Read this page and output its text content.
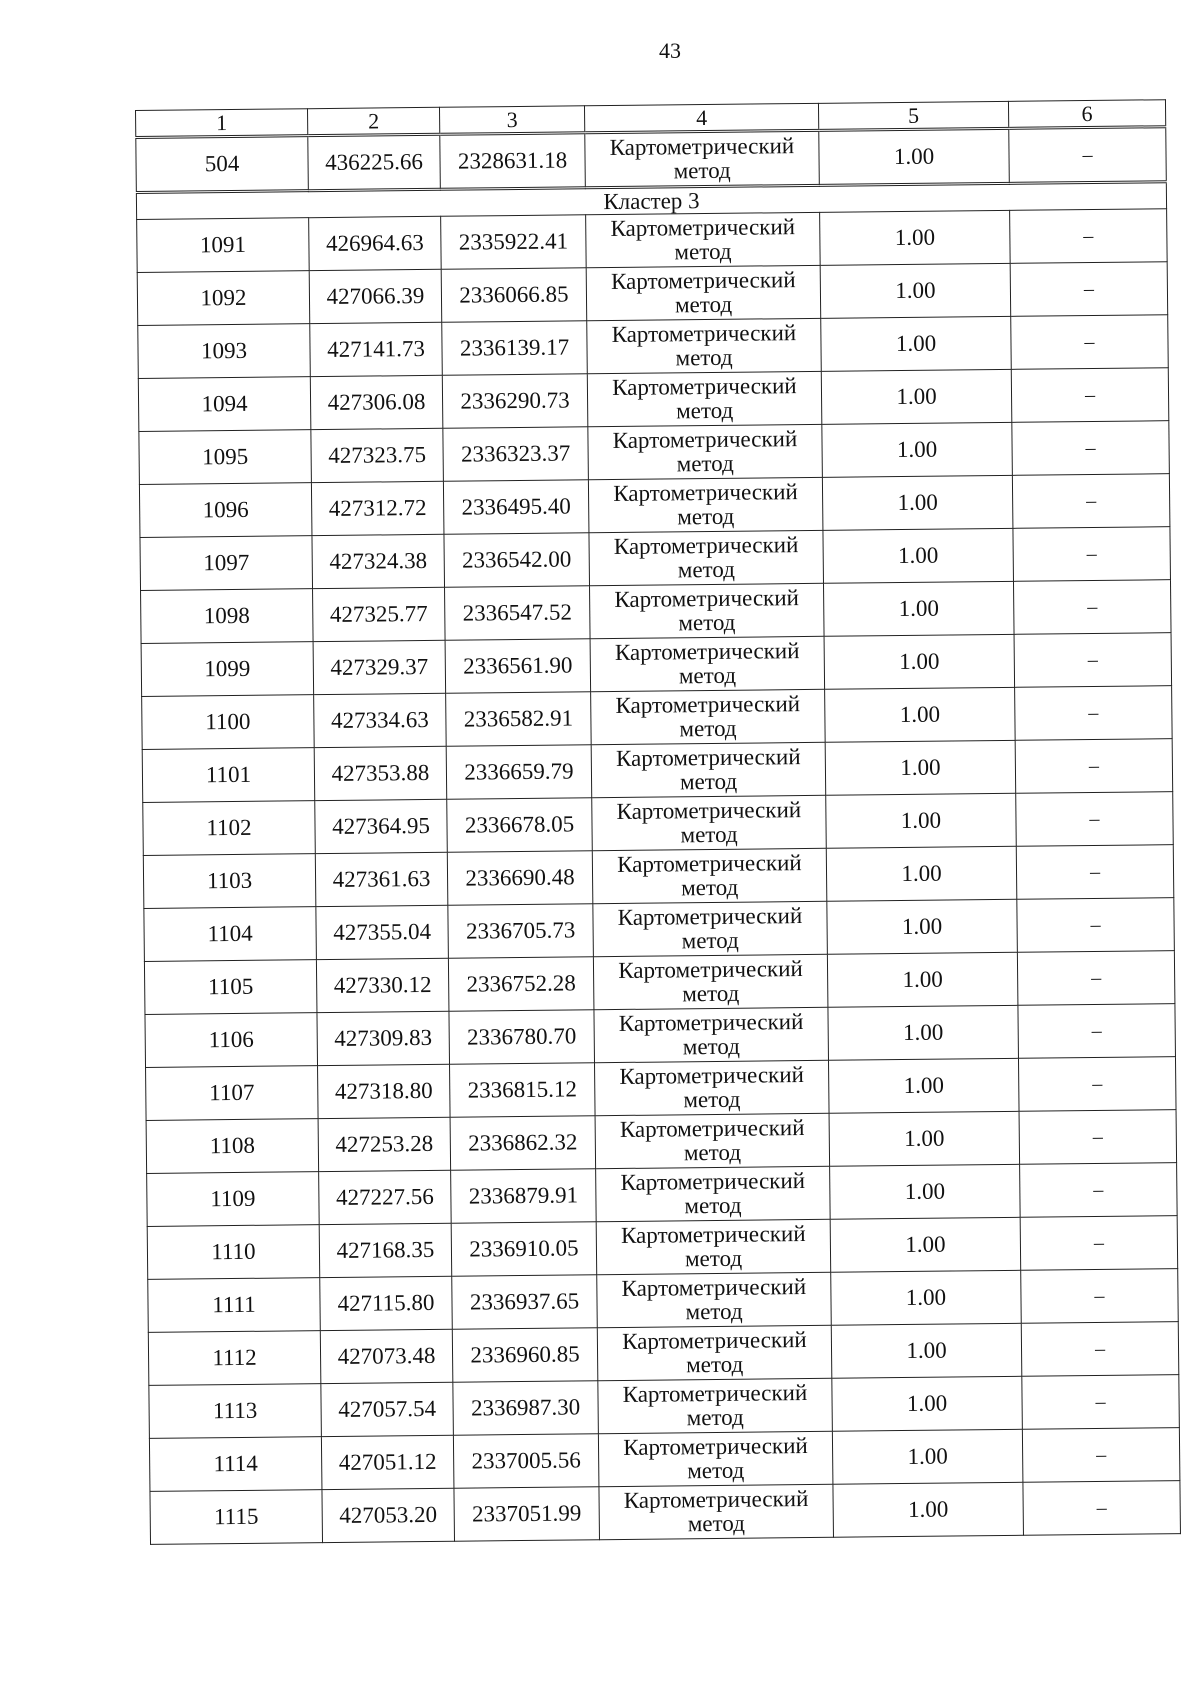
43
1	2	3	4	5	6
504	436225.66	2328631.18	Картометрический метод	1.00	–
Кластер 3					
1091	426964.63	2335922.41	Картометрический метод	1.00	–
1092	427066.39	2336066.85	Картометрический метод	1.00	–
1093	427141.73	2336139.17	Картометрический метод	1.00	–
1094	427306.08	2336290.73	Картометрический метод	1.00	–
1095	427323.75	2336323.37	Картометрический метод	1.00	–
1096	427312.72	2336495.40	Картометрический метод	1.00	–
1097	427324.38	2336542.00	Картометрический метод	1.00	–
1098	427325.77	2336547.52	Картометрический метод	1.00	–
1099	427329.37	2336561.90	Картометрический метод	1.00	–
1100	427334.63	2336582.91	Картометрический метод	1.00	–
1101	427353.88	2336659.79	Картометрический метод	1.00	–
1102	427364.95	2336678.05	Картометрический метод	1.00	–
1103	427361.63	2336690.48	Картометрический метод	1.00	–
1104	427355.04	2336705.73	Картометрический метод	1.00	–
1105	427330.12	2336752.28	Картометрический метод	1.00	–
1106	427309.83	2336780.70	Картометрический метод	1.00	–
1107	427318.80	2336815.12	Картометрический метод	1.00	–
1108	427253.28	2336862.32	Картометрический метод	1.00	–
1109	427227.56	2336879.91	Картометрический метод	1.00	–
1110	427168.35	2336910.05	Картометрический метод	1.00	–
1111	427115.80	2336937.65	Картометрический метод	1.00	–
1112	427073.48	2336960.85	Картометрический метод	1.00	–
1113	427057.54	2336987.30	Картометрический метод	1.00	–
1114	427051.12	2337005.56	Картометрический метод	1.00	–
1115	427053.20	2337051.99	Картометрический метод	1.00	–
